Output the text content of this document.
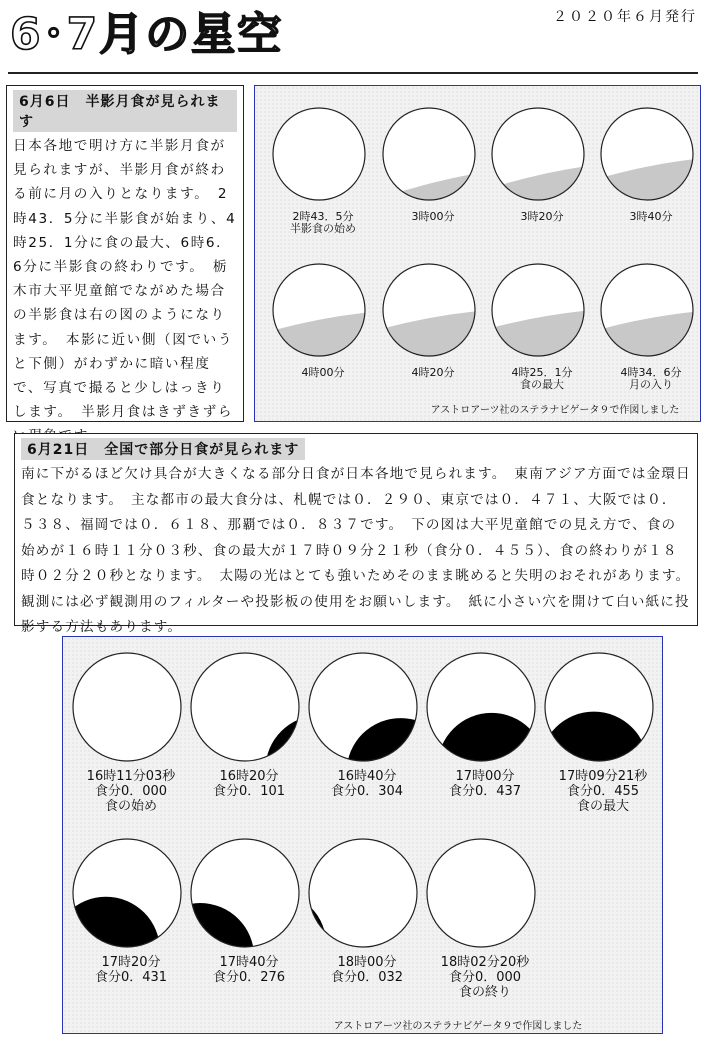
6･7月の星空	２０２０年６月発行
6月6日　半影月食が見られます
日本各地で明け方に半影月食が見られますが、半影月食が終わる前に月の入りとなります。　2時43．5分に半影食が始まり、4時25．1分に食の最大、6時6．6分に半影食の終わりです。　栃木市大平児童館でながめた場合の半影食は右の図のようになります。　本影に近い側（図でいうと下側）がわずかに暗い程度で、写真で撮ると少しはっきりします。　半影月食はきずきずら
2時43．5分
半影食の始め
3時00分	3時20分	3時40分
4時00分	4時20分	4時25．1分
食の最大
4時34．6分
月の入り
アストロアーツ社のステラナビゲータ９で作図しました
6月21日　全国で部分日食が見られます
南に下がるほど欠け具合が大きくなる部分日食が日本各地で見られます。　東南アジア方面では金環日食となります。　主な都市の最大食分は、札幌では０．２９０、東京では０．４７１、大阪では０．５３８、福岡では０．６１８、那覇では０．８３７です。　下の図は大平児童館での見え方で、食の始めが１６時１１分０３秒、食の最大が１７時０９分２１秒（食分０．４５５）、食の終わりが１８時０２分２０秒となります。　太陽の光はとても強いためそのまま眺めると失明のおそれがあります。　観測には必ず観測用のフィルターや投影板の使用をお願いします。　紙に小さい穴を開けて白い紙に投影する方法もあります。
16時11分03秒
食分0．000
食の始め
16時20分
食分0．101
16時40分
食分0．304
17時00分
食分0．437
17時09分21秒
食分0．455
食の最大
17時20分
食分0．431
17時40分
食分0．276
18時00分
食分0．032
18時02分20秒
食分0．000
食の終り
アストロアーツ社のステラナビゲータ９で作図しました
